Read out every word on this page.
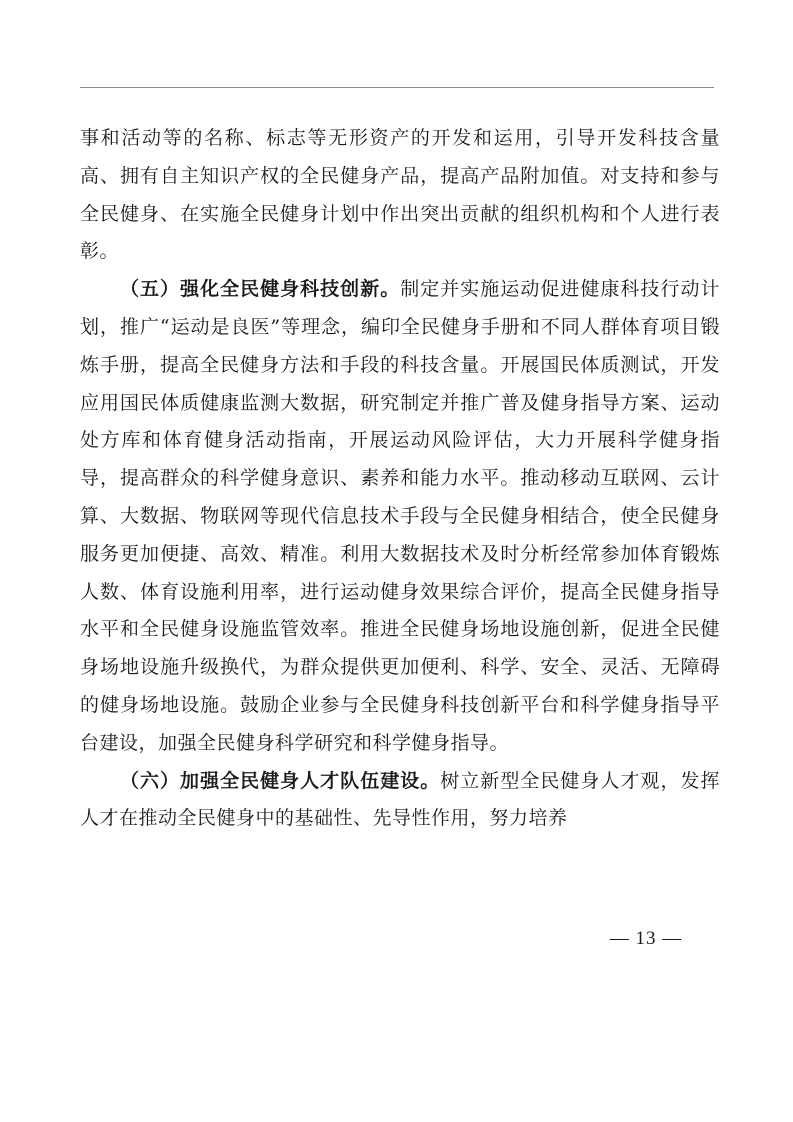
事和活动等的名称、标志等无形资产的开发和运用，引导开发科技含量高、拥有自主知识产权的全民健身产品，提高产品附加值。对支持和参与全民健身、在实施全民健身计划中作出突出贡献的组织机构和个人进行表彰。

（五）强化全民健身科技创新。制定并实施运动促进健康科技行动计划，推广“运动是良医”等理念，编印全民健身手册和不同人群体育项目锻炼手册，提高全民健身方法和手段的科技含量。开展国民体质测试，开发应用国民体质健康监测大数据，研究制定并推广普及健身指导方案、运动处方库和体育健身活动指南，开展运动风险评估，大力开展科学健身指导，提高群众的科学健身意识、素养和能力水平。推动移动互联网、云计算、大数据、物联网等现代信息技术手段与全民健身相结合，使全民健身服务更加便捷、高效、精准。利用大数据技术及时分析经常参加体育锻炼人数、体育设施利用率，进行运动健身效果综合评价，提高全民健身指导水平和全民健身设施监管效率。推进全民健身场地设施创新，促进全民健身场地设施升级换代，为群众提供更加便利、科学、安全、灵活、无障碍的健身场地设施。鼓励企业参与全民健身科技创新平台和科学健身指导平台建设，加强全民健身科学研究和科学健身指导。

（六）加强全民健身人才队伍建设。树立新型全民健身人才观，发挥人才在推动全民健身中的基础性、先导性作用，努力培养

— 13 —
